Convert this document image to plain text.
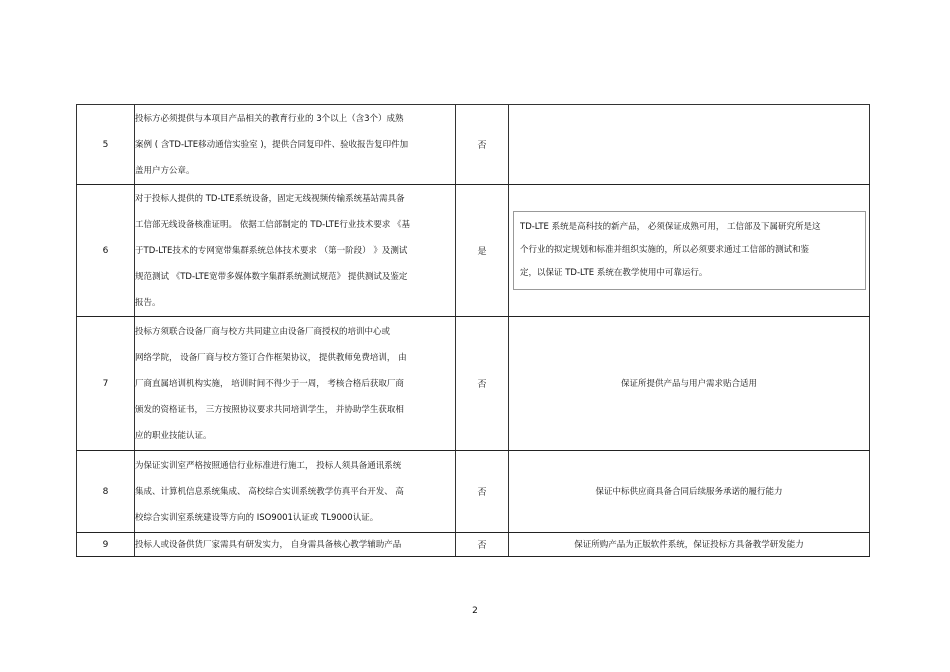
5	投标方必须提供与本项目产品相关的教育行业的 3个以上（含3个）成熟
案例 ( 含TD-LTE移动通信实验室 )，提供合同复印件、验收报告复印件加
盖用户方公章。	否	
6	对于投标人提供的 TD-LTE系统设备，固定无线视频传输系统基站需具备
工信部无线设备核准证明。 依据工信部制定的 TD-LTE行业技术要求 《基
于TD-LTE技术的专网宽带集群系统总体技术要求 （第一阶段） 》及测试
规范测试 《TD-LTE宽带多媒体数字集群系统测试规范》 提供测试及鉴定
报告。	是	TD-LTE 系统是高科技的新产品， 必须保证成熟可用， 工信部及下属研究所是这
个行业的拟定规划和标准并组织实施的，所以必须要求通过工信部的测试和鉴
定，以保证 TD-LTE 系统在教学使用中可靠运行。

7	投标方须联合设备厂商与校方共同建立由设备厂商授权的培训中心或
网络学院， 设备厂商与校方签订合作框架协议， 提供教师免费培训， 由
厂商直属培训机构实施， 培训时间不得少于一周， 考核合格后获取厂商
颁发的资格证书， 三方按照协议要求共同培训学生， 并协助学生获取相
应的职业技能认证。	否	保证所提供产品与用户需求贴合适用
8	为保证实训室严格按照通信行业标准进行施工， 投标人须具备通讯系统
集成、计算机信息系统集成、 高校综合实训系统教学仿真平台开发、 高
校综合实训室系统建设等方向的 ISO9001认证或 TL9000认证。	否	保证中标供应商具备合同后续服务承诺的履行能力
9	投标人或设备供货厂家需具有研发实力， 自身需具备核心教学辅助产品	否	保证所购产品为正版软件系统，保证投标方具备教学研发能力
2
